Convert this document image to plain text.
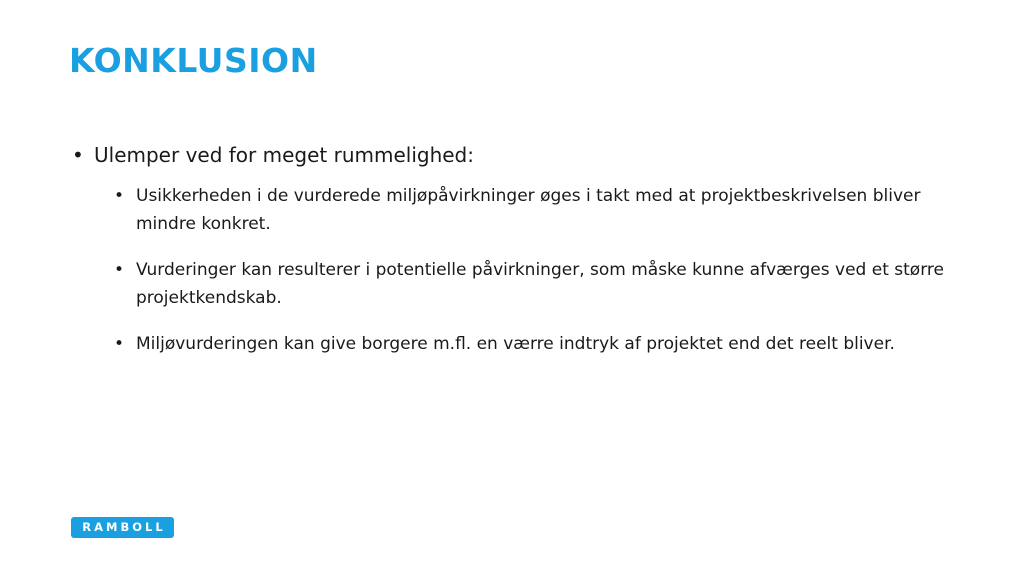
KONKLUSION
• Ulemper ved for meget rummelighed:
• Usikkerheden i de vurderede miljøpåvirkninger øges i takt med at projektbeskrivelsen bliver mindre konkret.
• Vurderinger kan resulterer i potentielle påvirkninger, som måske kunne afværges ved et større projektkendskab.
• Miljøvurderingen kan give borgere m.fl. en værre indtryk af projektet end det reelt bliver.
RAMBOLL
